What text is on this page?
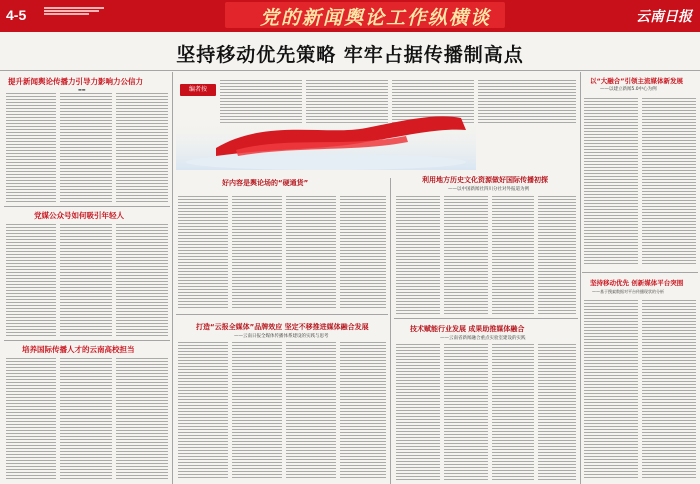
4-5	党的新闻舆论工作纵横谈	云南日报
坚持移动优先策略 牢牢占据传播制高点
提升新闻舆论传播力引导力影响力公信力
▬▬
党媒公众号如何吸引年轻人
培养国际传播人才的云南高校担当
编者按
好内容是舆论场的“硬通货”
打造“云报全媒体”品牌效应 坚定不移推进媒体融合发展
——云南日报全媒体传播体系建设的实践与思考
利用地方历史文化资源做好国际传播初探
——以中国新闻社四川分社对外报道为例
技术赋能行业发展 成果助推媒体融合
——云南省新闻融合重点实验室建设的实践
以“大融合”引领主流媒体新发展
——以建立新闻5.0中心为例
坚持移动优先 创新媒体平台突围
——基于搜索数据对平台传播现状的分析
